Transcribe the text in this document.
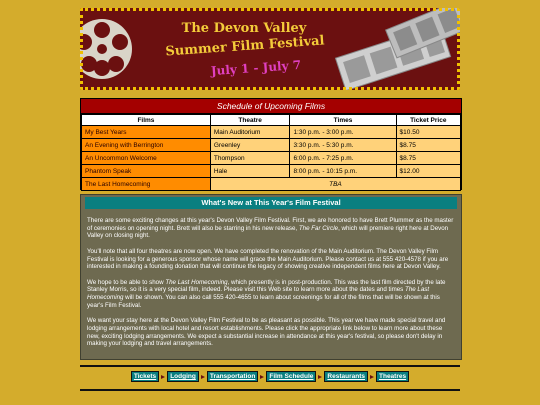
The Devon Valley
Summer Film Festival
July 1 - July 7
Schedule of Upcoming Films
Films	Theatre	Times	Ticket Price
My Best Years	Main Auditorium	1:30 p.m. - 3:00 p.m.	$10.50
An Evening with Berrington	Greenley	3:30 p.m. - 5:30 p.m.	$8.75
An Uncommon Welcome	Thompson	6:00 p.m. - 7:25 p.m.	$8.75
Phantom Speak	Hale	8:00 p.m. - 10:15 p.m.	$12.00
The Last Homecoming	TBA		
What's New at This Year's Film Festival

There are some exciting changes at this year's Devon Valley Film Festival. First, we are honored to have Brett Plummer as the master of ceremonies on opening night. Brett will also be starring in his new release, The Far Circle, which will premiere right here at Devon Valley on closing night.

You'll note that all four theatres are now open. We have completed the renovation of the Main Auditorium. The Devon Valley Film Festival is looking for a generous sponsor whose name will grace the Main Auditorium. Please contact us at 555 420-4578 if you are interested in making a founding donation that will continue the legacy of showing creative independent films here at Devon Valley.

We hope to be able to show The Last Homecoming, which presently is in post-production. This was the last film directed by the late Stanley Morris, so it is a very special film, indeed. Please visit this Web site to learn more about the dates and times The Last Homecoming will be shown. You can also call 555 420-4655 to learn about screenings for all of the films that will be shown at this year's Film Festival.

We want your stay here at the Devon Valley Film Festival to be as pleasant as possible. This year we have made special travel and lodging arrangements with local hotel and resort establishments. Please click the appropriate link below to learn more about these new, exciting lodging arrangements. We expect a substantial increase in attendance at this year's festival, so please don't delay in making your lodging and travel arrangements.

Tickets Lodging Transportation Film Schedule Restaurants Theatres
